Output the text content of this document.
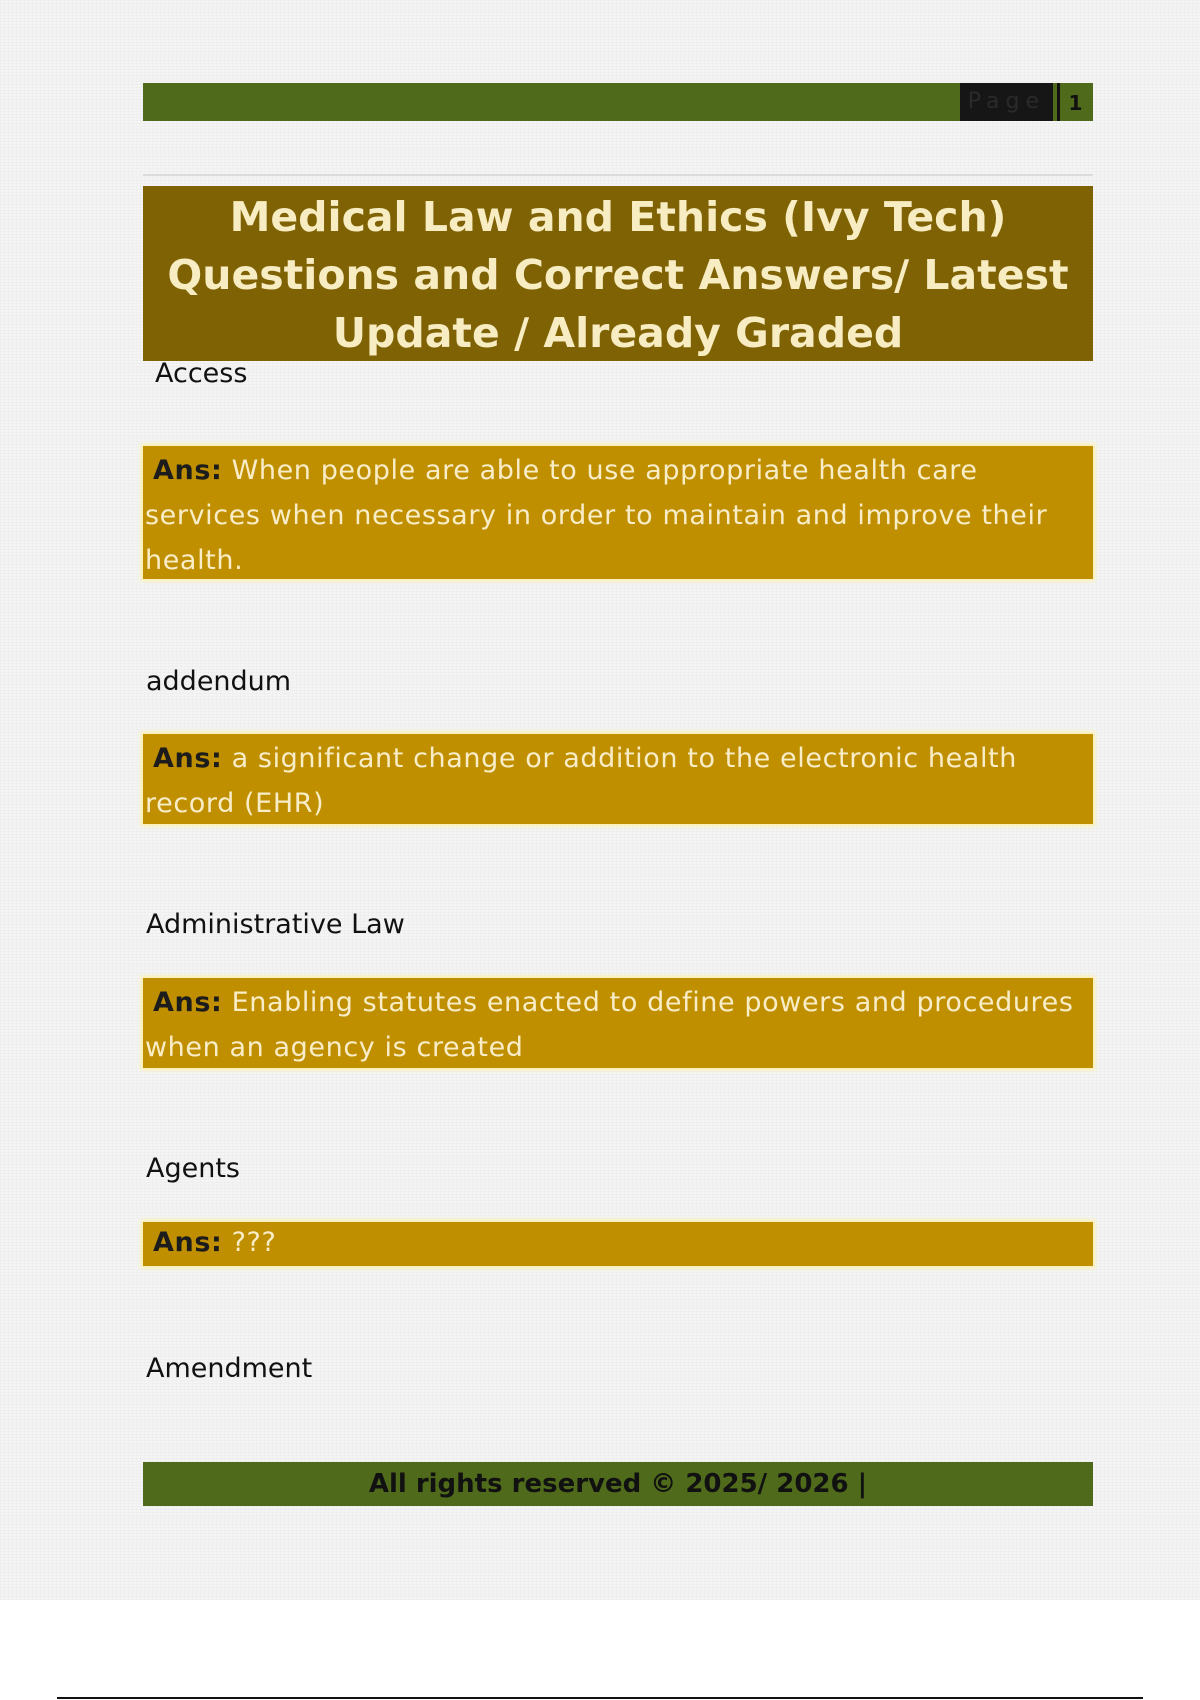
Page	1
Medical Law and Ethics (Ivy Tech)
Questions and Correct Answers/ Latest
Update / Already Graded
Access
Ans: When people are able to use appropriate health care services when necessary in order to maintain and improve their health.
addendum
Ans: a significant change or addition to the electronic health record (EHR)
Administrative Law
Ans: Enabling statutes enacted to define powers and procedures when an agency is created
Agents
Ans: ???
Amendment
All rights reserved © 2025/ 2026 |
